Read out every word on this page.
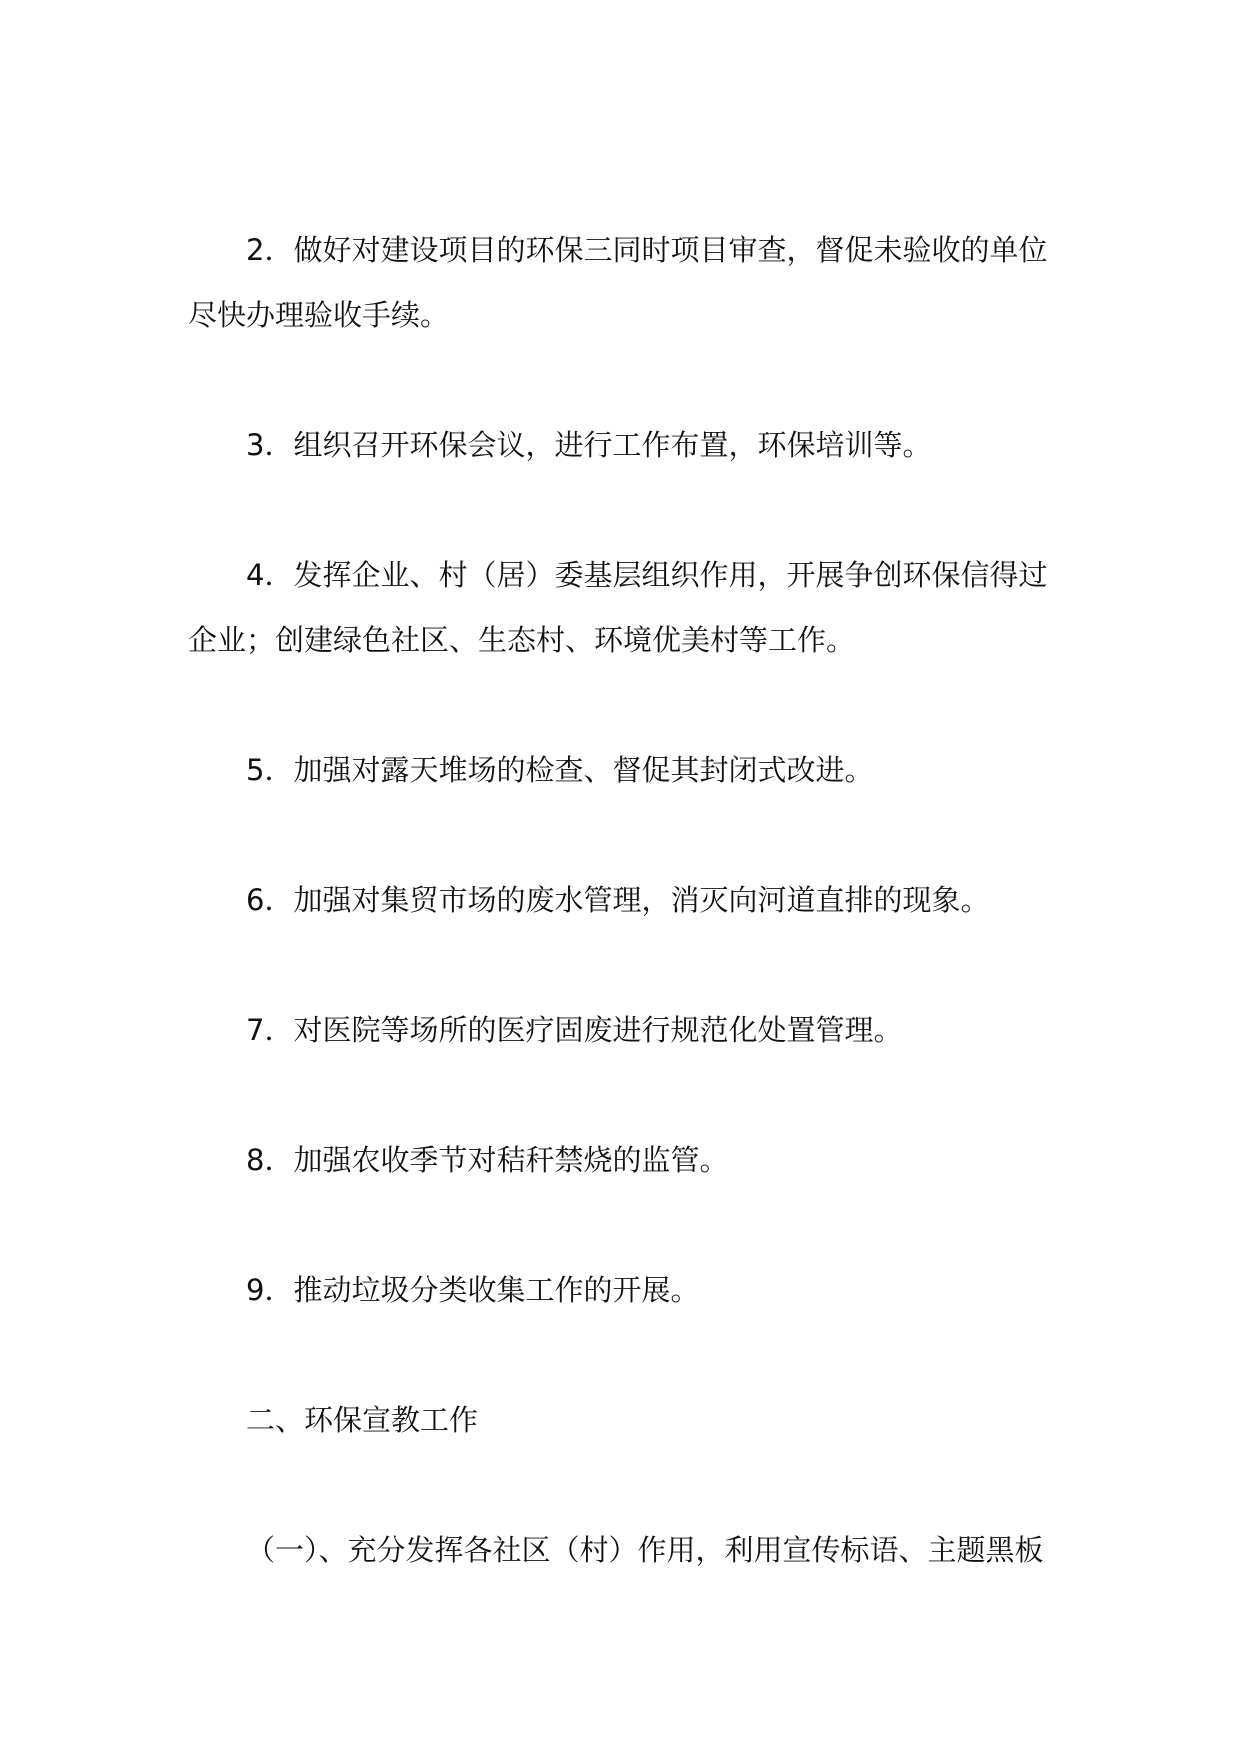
2．做好对建设项目的环保三同时项目审查，督促未验收的单位
尽快办理验收手续。
3．组织召开环保会议，进行工作布置，环保培训等。
4．发挥企业、村（居）委基层组织作用，开展争创环保信得过
企业；创建绿色社区、生态村、环境优美村等工作。
5．加强对露天堆场的检查、督促其封闭式改进。
6．加强对集贸市场的废水管理，消灭向河道直排的现象。
7．对医院等场所的医疗固废进行规范化处置管理。
8．加强农收季节对秸秆禁烧的监管。
9．推动垃圾分类收集工作的开展。
二、环保宣教工作
（一）、充分发挥各社区（村）作用，利用宣传标语、主题黑板
